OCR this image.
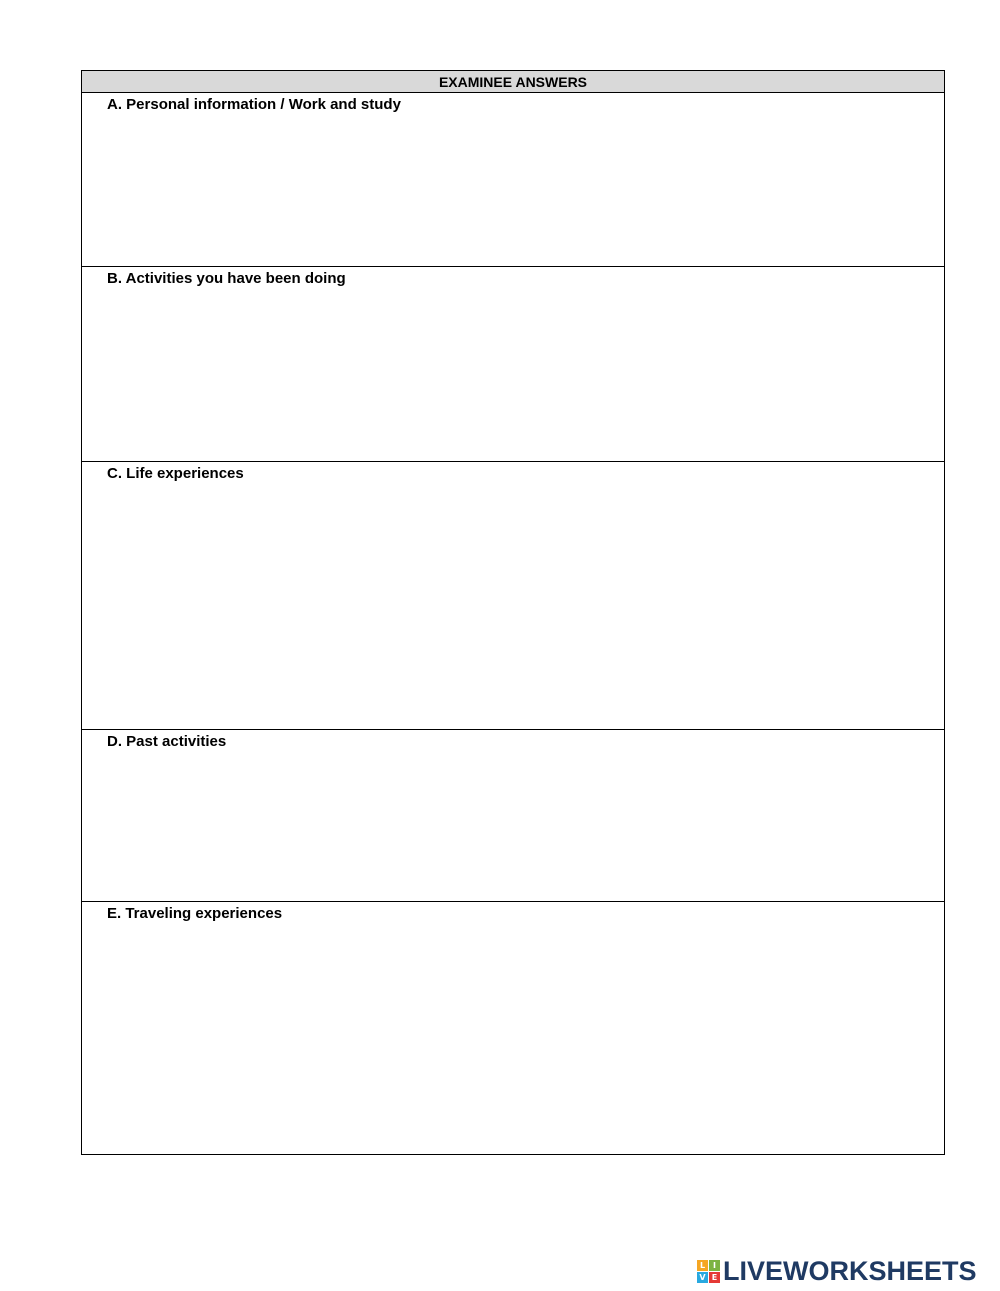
EXAMINEE ANSWERS
A. Personal information / Work and study
B. Activities you have been doing
C. Life experiences
D. Past activities
E. Traveling experiences
L I
V E LIVEWORKSHEETS
